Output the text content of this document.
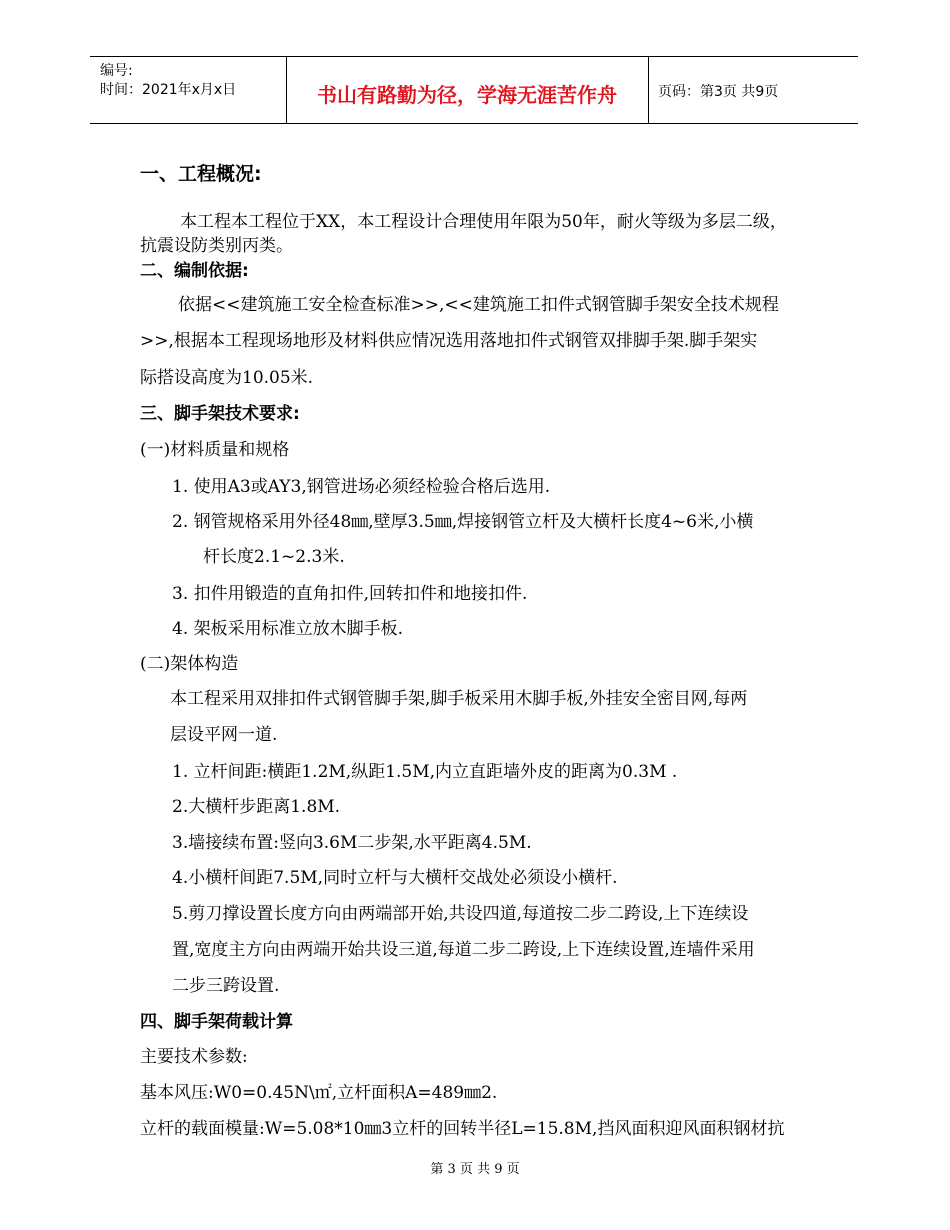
编号:
时间：2021年x月x日	书山有路勤为径，学海无涯苦作舟	页码：第3页 共9页
一、工程概况:
本工程本工程位于XX，本工程设计合理使用年限为50年，耐火等级为多层二级，
抗震设防类别丙类。
二、编制依据:
依据<<建筑施工安全检查标准>>,<<建筑施工扣件式钢管脚手架安全技术规程
>>,根据本工程现场地形及材料供应情况选用落地扣件式钢管双排脚手架.脚手架实
际搭设高度为10.05米.
三、脚手架技术要求:
(一)材料质量和规格
1. 使用A3或AY3,钢管进场必须经检验合格后选用.
2. 钢管规格采用外径48㎜,壁厚3.5㎜,焊接钢管立杆及大横杆长度4~6米,小横
杆长度2.1~2.3米.
3. 扣件用锻造的直角扣件,回转扣件和地接扣件.
4. 架板采用标准立放木脚手板.
(二)架体构造
本工程采用双排扣件式钢管脚手架,脚手板采用木脚手板,外挂安全密目网,每两
层设平网一道.
1. 立杆间距:横距1.2M,纵距1.5M,内立直距墙外皮的距离为0.3M .
2.大横杆步距离1.8M.
3.墙接续布置:竖向3.6M二步架,水平距离4.5M.
4.小横杆间距7.5M,同时立杆与大横杆交战处必须设小横杆.
5.剪刀撑设置长度方向由两端部开始,共设四道,每道按二步二跨设,上下连续设
置,宽度主方向由两端开始共设三道,每道二步二跨设,上下连续设置,连墙件采用
二步三跨设置.
四、脚手架荷载计算
主要技术参数:
基本风压:W0=0.45N\㎡,立杆面积A=489㎜2.
立杆的载面模量:W=5.08*10㎜3立杆的回转半径L=15.8M,挡风面积迎风面积钢材抗
第 3 页 共 9 页
